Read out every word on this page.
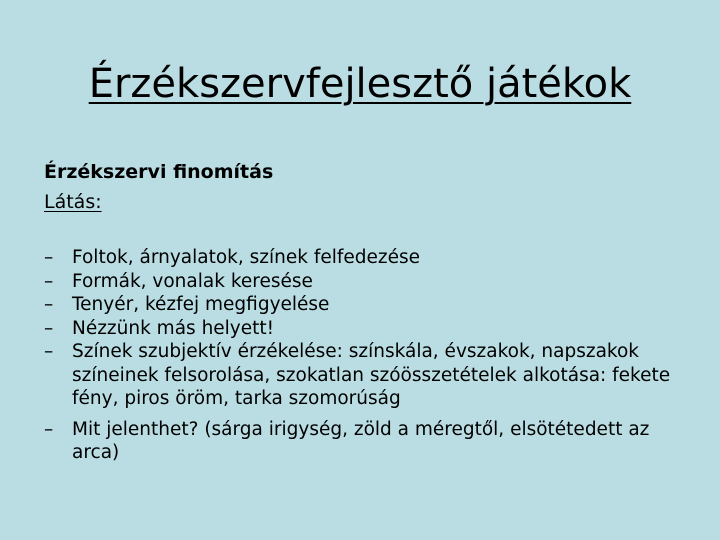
Érzékszervfejlesztő játékok
Érzékszervi finomítás
Látás:
– Foltok, árnyalatok, színek felfedezése
– Formák, vonalak keresése
– Tenyér, kézfej megfigyelése
– Nézzünk más helyett!
– Színek szubjektív érzékelése: színskála, évszakok, napszakok színeinek felsorolása, szokatlan szóösszetételek alkotása: fekete fény, piros öröm, tarka szomorúság
– Mit jelenthet? (sárga irigység, zöld a méregtől, elsötétedett az arca)
